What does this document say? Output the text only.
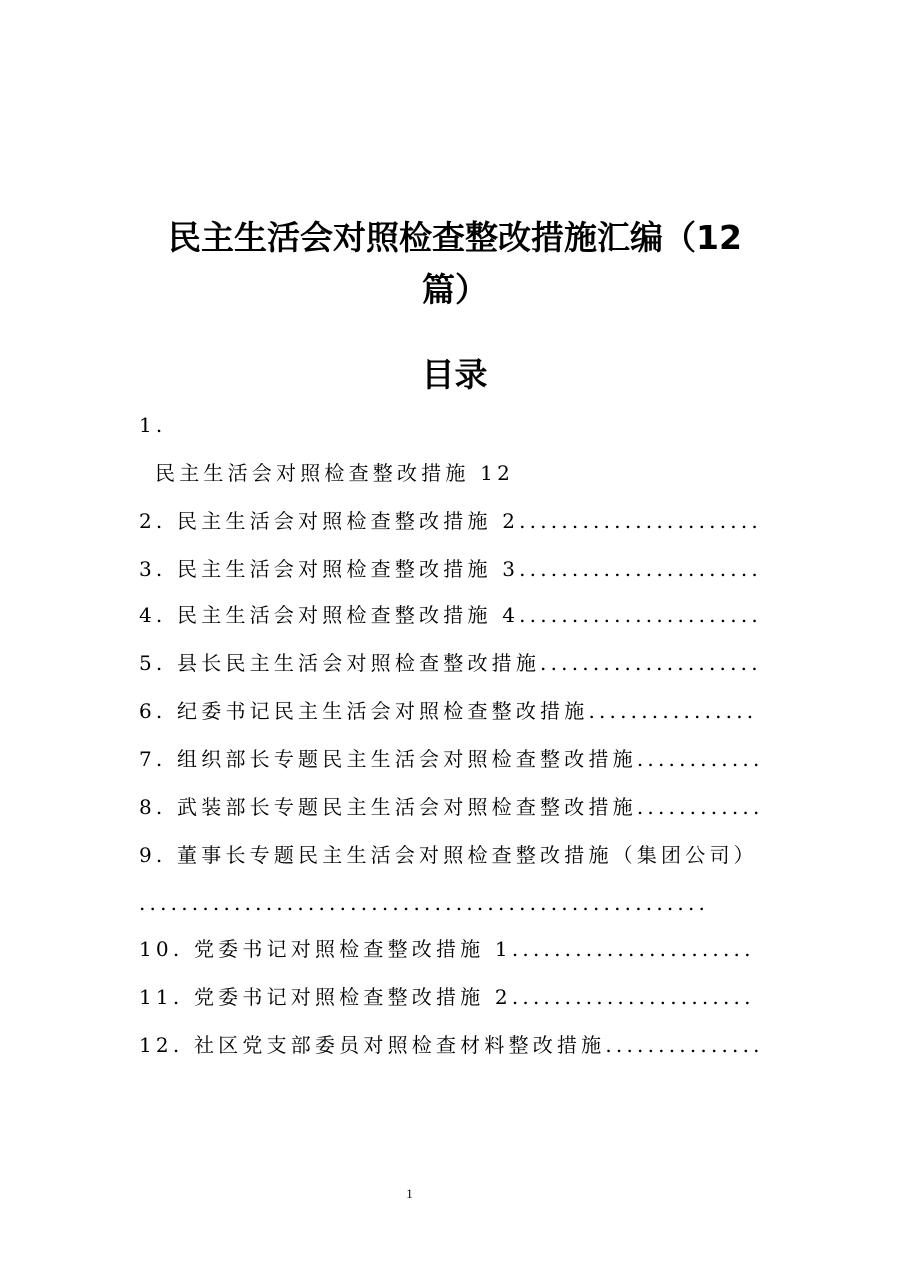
民主生活会对照检查整改措施汇编（12
篇）
目录
1.
民主生活会对照检查整改措施 12
2. 民主生活会对照检查整改措施 2.......................
3. 民主生活会对照检查整改措施 3.......................
4. 民主生活会对照检查整改措施 4.......................
5. 县长民主生活会对照检查整改措施.....................
6. 纪委书记民主生活会对照检查整改措施................
7. 组织部长专题民主生活会对照检查整改措施............
8. 武装部长专题民主生活会对照检查整改措施............
9. 董事长专题民主生活会对照检查整改措施（集团公司）
......................................................
10. 党委书记对照检查整改措施 1.......................
11. 党委书记对照检查整改措施 2.......................
12. 社区党支部委员对照检查材料整改措施...............
1
